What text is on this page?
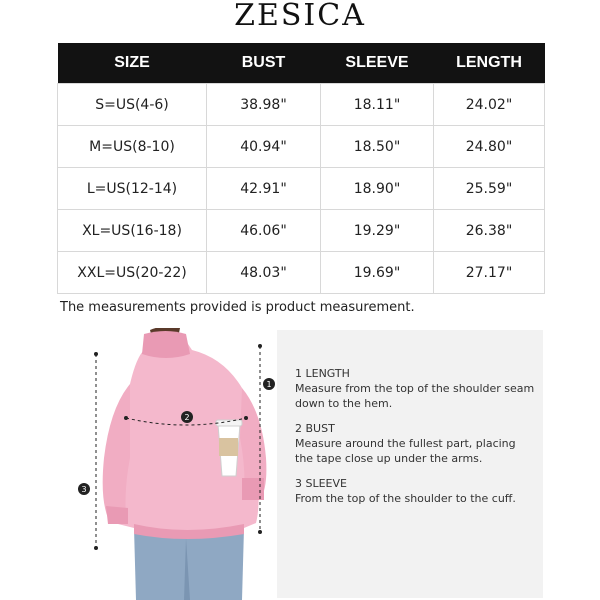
ZESICA
SIZE	BUST	SLEEVE	LENGTH
S=US(4-6)	38.98"	18.11"	24.02"
M=US(8-10)	40.94"	18.50"	24.80"
L=US(12-14)	42.91"	18.90"	25.59"
XL=US(16-18)	46.06"	19.29"	26.38"
XXL=US(20-22)	48.03"	19.69"	27.17"
The measurements provided is product measurement.
1
2
3
1 LENGTH
Measure from the top of the shoulder seam down to the hem.
2 BUST
Measure around the fullest part, placing the tape close up under the arms.
3 SLEEVE
From the top of the shoulder to the cuff.
